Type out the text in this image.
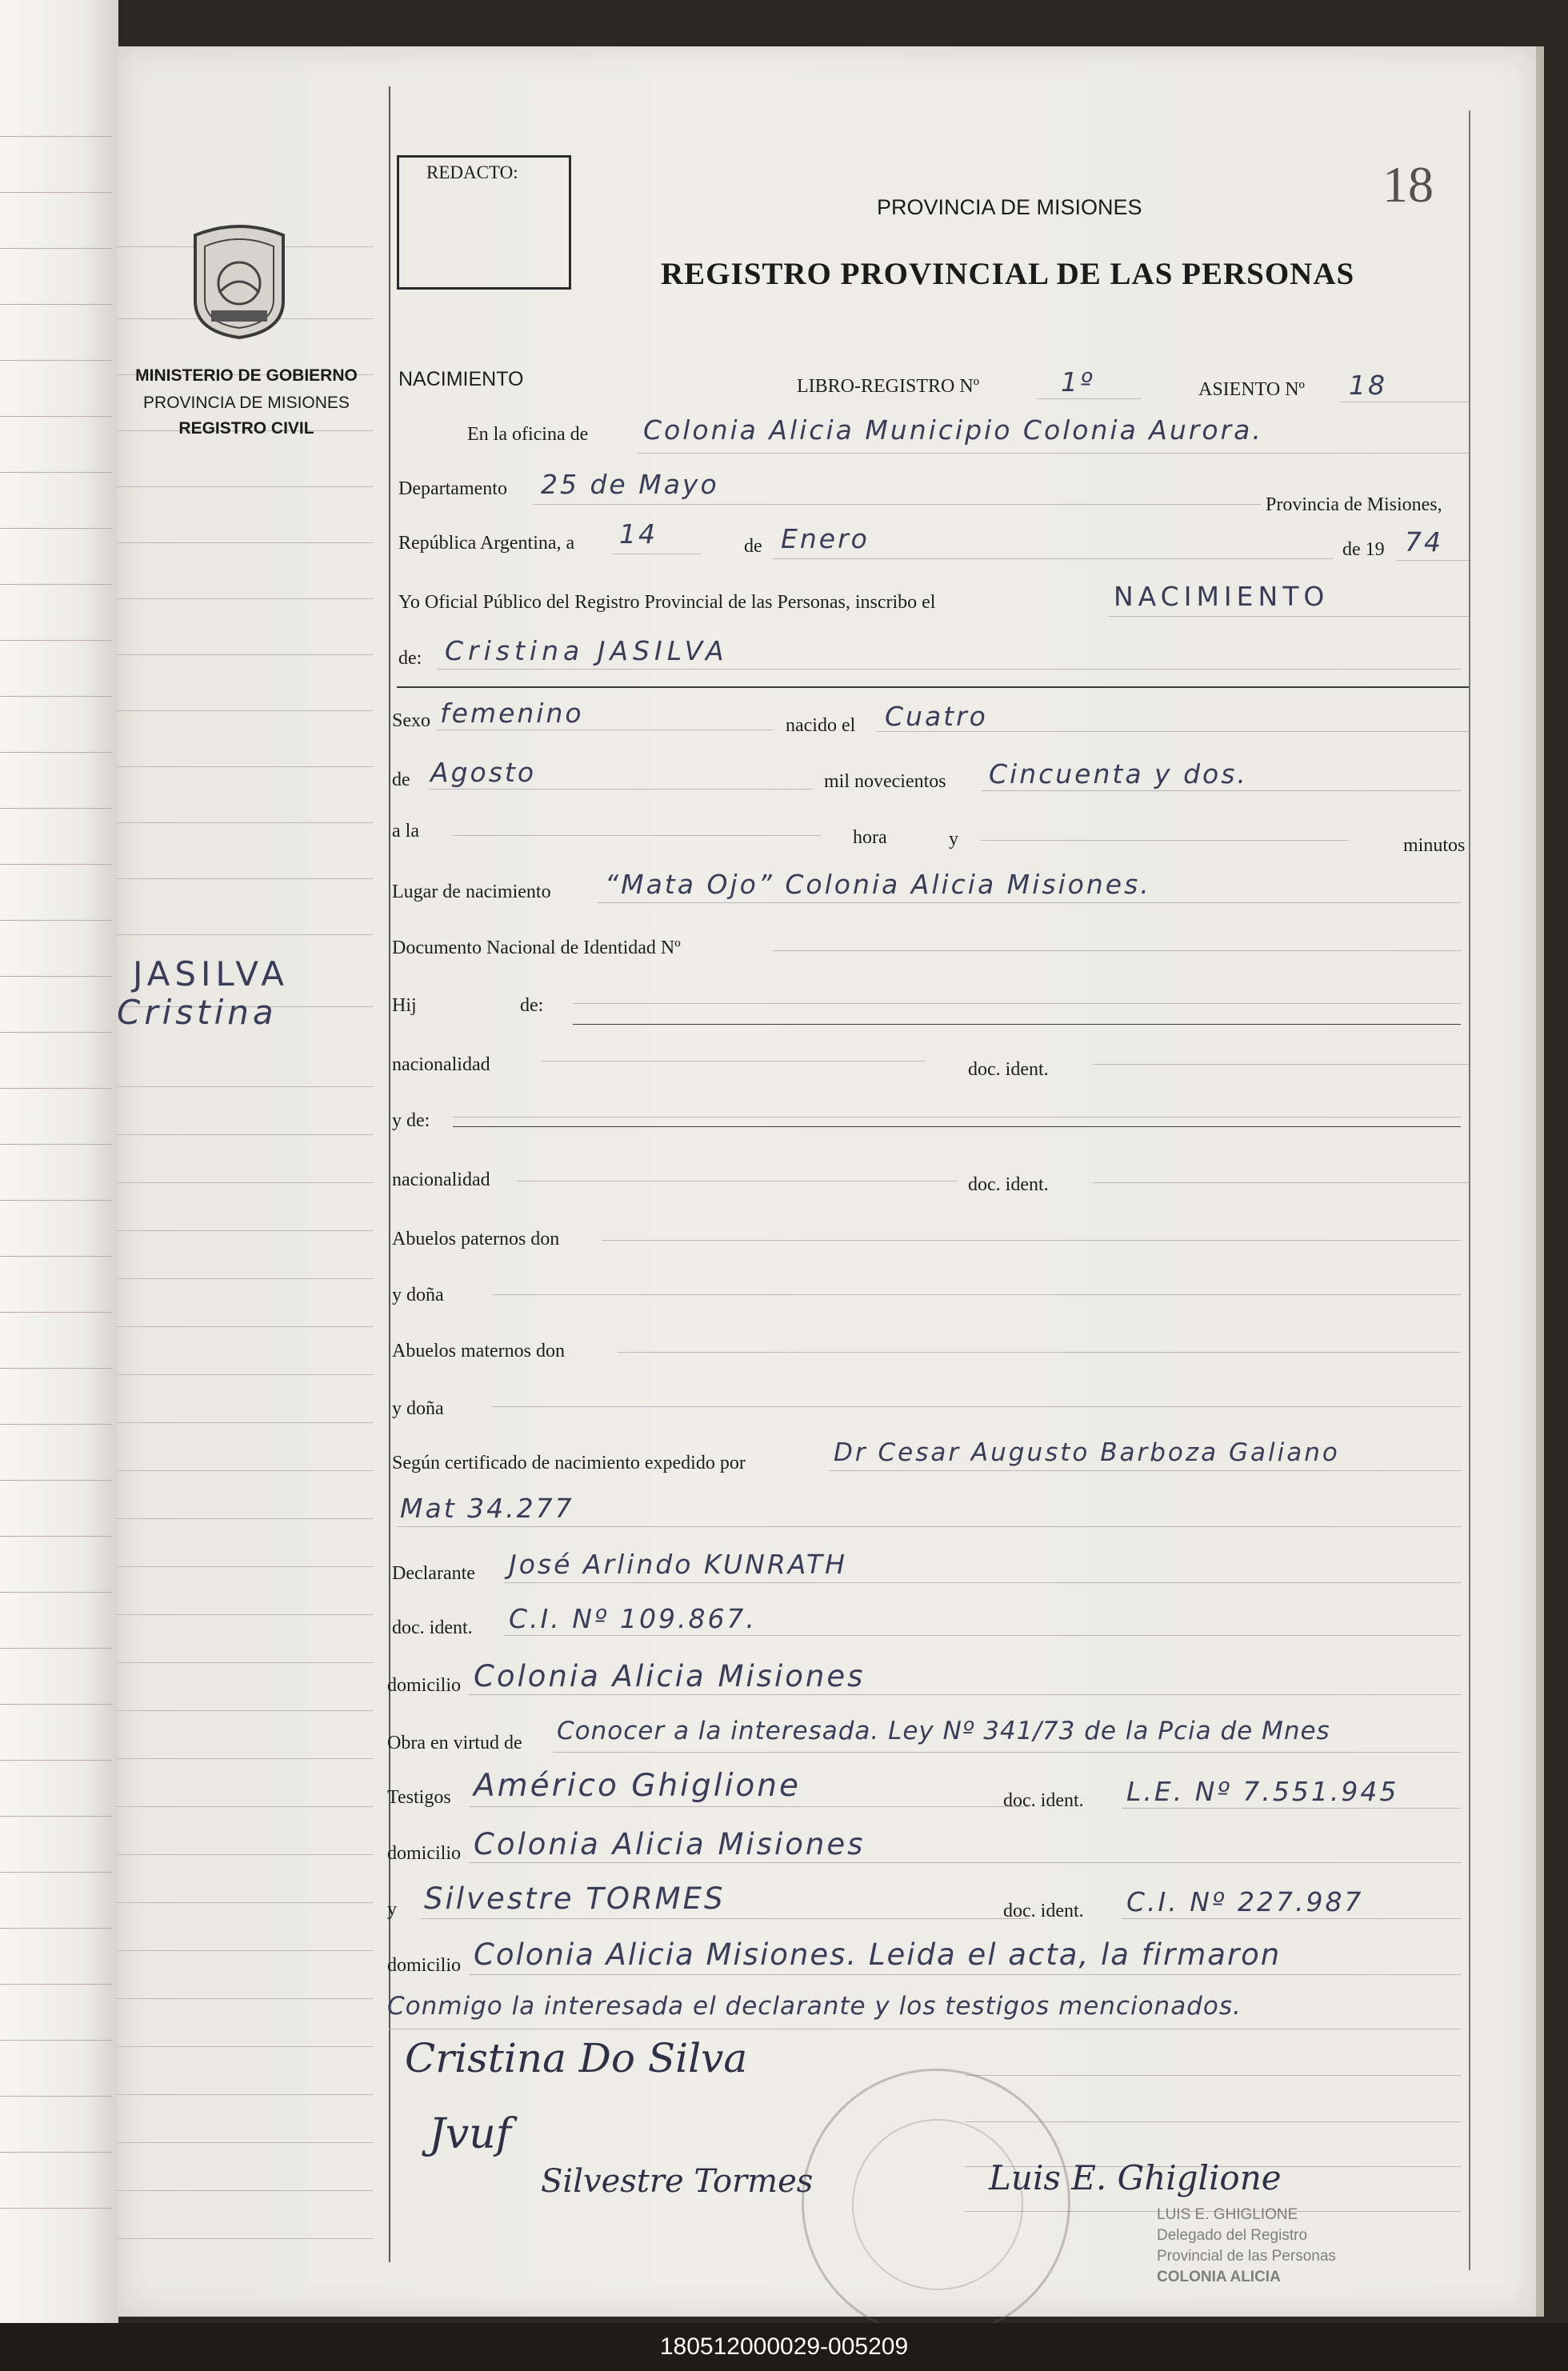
MINISTERIO DE GOBIERNO
PROVINCIA DE MISIONES
REGISTRO CIVIL
JASILVA
Cristina
REDACTO:	18
PROVINCIA DE MISIONES
REGISTRO PROVINCIAL DE LAS PERSONAS
NACIMIENTO	LIBRO-REGISTRO Nº	1º	ASIENTO Nº 18
En la oficina de Colonia Alicia Municipio Colonia Aurora.
Departamento 25 de Mayo
Provincia de Misiones,
República Argentina, a 14	de Enero	de 19 74
Yo Oficial Público del Registro Provincial de las Personas, inscribo el	NACIMIENTO
de: Cristina JASILVA
Sexo femenino	nacido el Cuatro
de Agosto	mil novecientos Cincuenta y dos.
a la	hora	y	minutos
Lugar de nacimiento “Mata Ojo” Colonia Alicia Misiones.
Documento Nacional de Identidad Nº
Hij	de:
nacionalidad	doc. ident.
y de:
nacionalidad	doc. ident.
Abuelos paternos don
y doña
Abuelos maternos don
y doña
Según certificado de nacimiento expedido por	Dr Cesar Augusto Barboza Galiano
Mat 34.277
Declarante José Arlindo KUNRATH
doc. ident. C.I. Nº 109.867.
domicilio Colonia Alicia Misiones
Obra en virtud de Conocer a la interesada. Ley Nº 341/73 de la Pcia de Mnes
Testigos Américo Ghiglione	doc. ident. L.E. Nº 7.551.945
domicilio Colonia Alicia Misiones
y Silvestre TORMES	doc. ident. C.I. Nº 227.987
domicilio Colonia Alicia Misiones. Leida el acta, la firmaron
Conmigo la interesada el declarante y los testigos mencionados.
Cristina Do Silva
Jvuf
Silvestre Tormes	Luis E. Ghiglione
LUIS E. GHIGLIONE
Delegado del Registro
Provincial de las Personas
COLONIA ALICIA
180512000029-005209
